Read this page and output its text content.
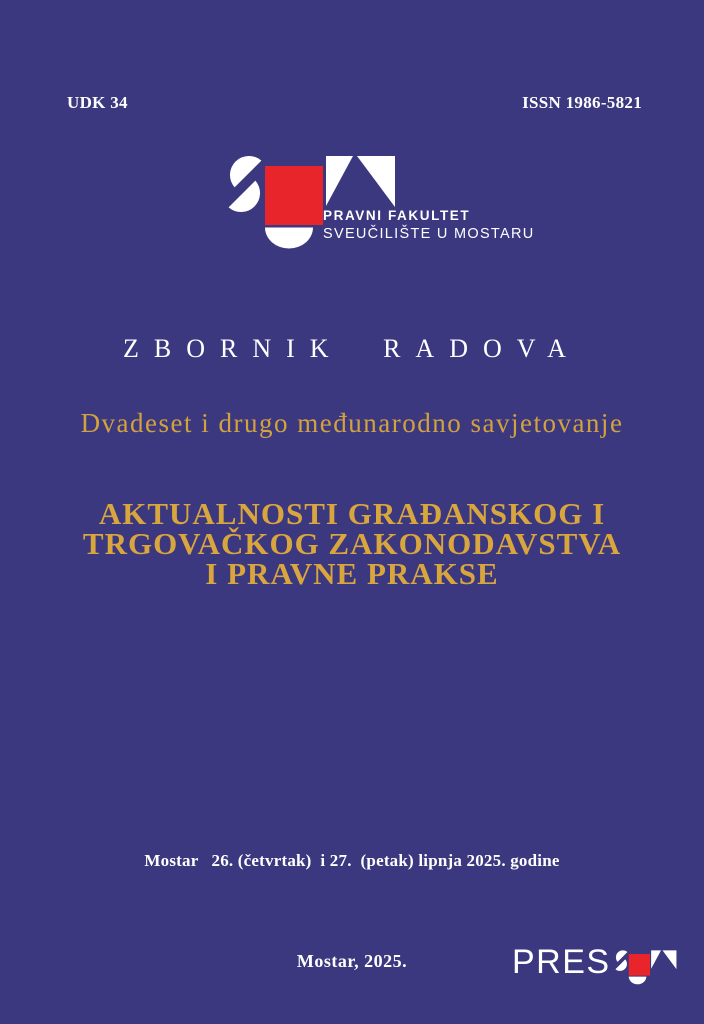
UDK 34	ISSN 1986-5821
PRAVNI FAKULTET
SVEUČILIŠTE U MOSTARU
ZBORNIK RADOVA
Dvadeset i drugo međunarodno savjetovanje
AKTUALNOSTI GRAĐANSKOG I
TRGOVAČKOG ZAKONODAVSTVA
I PRAVNE PRAKSE
Mostar   26. (četvrtak)  i 27.  (petak) lipnja 2025. godine
Mostar, 2025.	PRES
